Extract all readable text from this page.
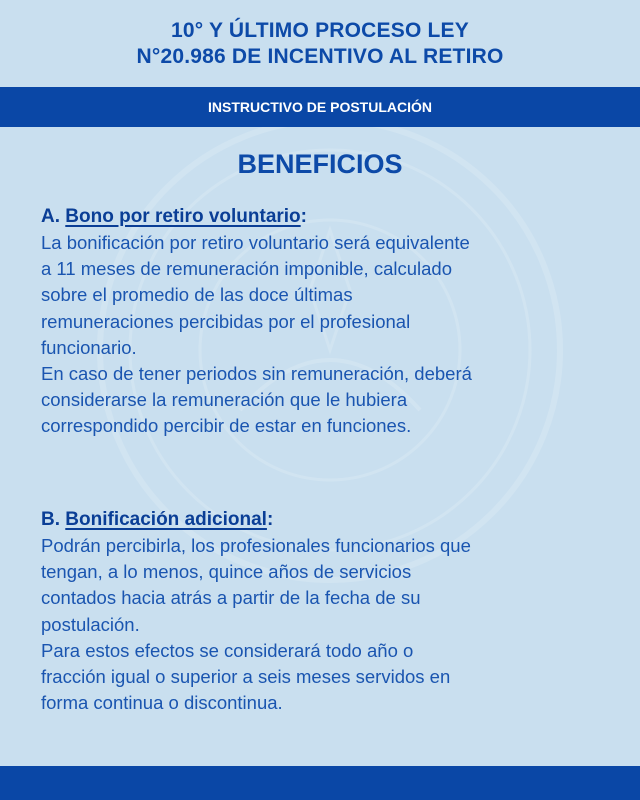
10° Y ÚLTIMO PROCESO LEY
N°20.986 DE INCENTIVO AL RETIRO
INSTRUCTIVO DE POSTULACIÓN
BENEFICIOS
A. Bono por retiro voluntario:
La bonificación por retiro voluntario será equivalente
a 11 meses de remuneración imponible, calculado
sobre el promedio de las doce últimas
remuneraciones percibidas por el profesional
funcionario.
En caso de tener periodos sin remuneración, deberá
considerarse la remuneración que le hubiera
correspondido percibir de estar en funciones.
B. Bonificación adicional:
Podrán percibirla, los profesionales funcionarios que
tengan, a lo menos, quince años de servicios
contados hacia atrás a partir de la fecha de su
postulación.
Para estos efectos se considerará todo año o
fracción igual o superior a seis meses servidos en
forma continua o discontinua.
